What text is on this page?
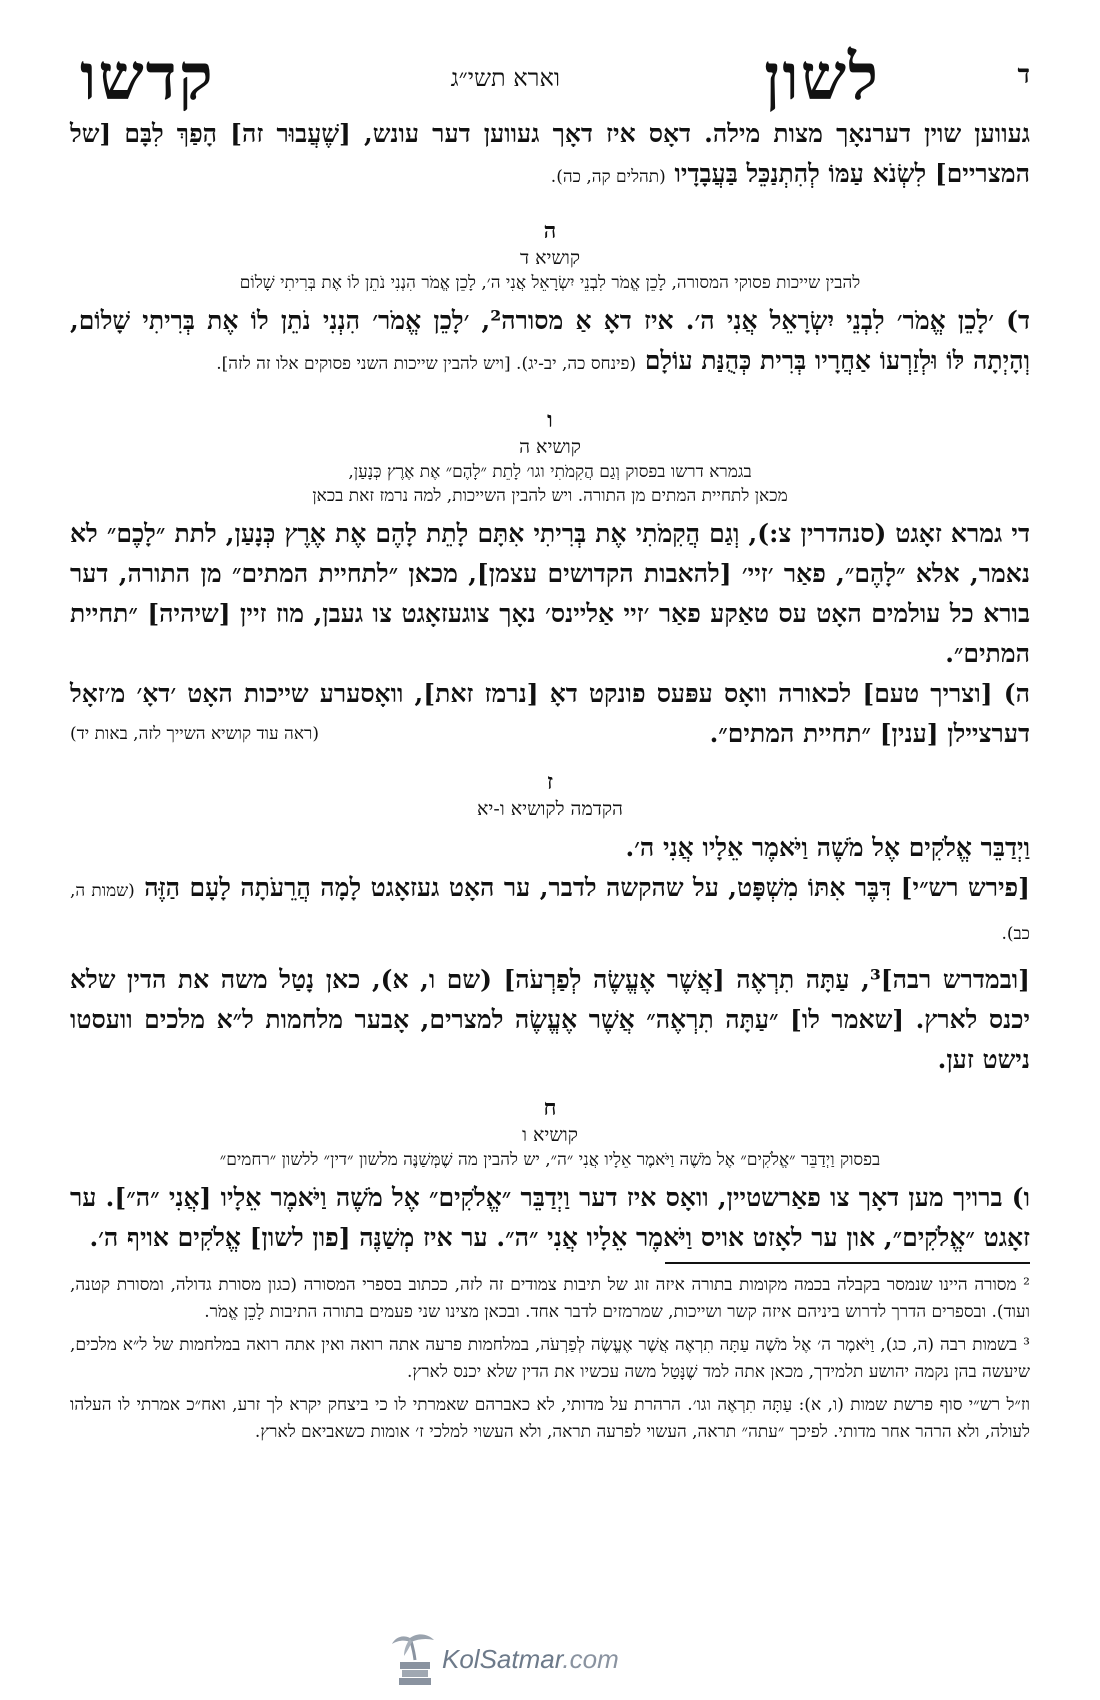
ד
לשון
וארא תשי״ג
קדשו

געווען שוין דערנאָך מצות מילה. דאָס איז דאָך געווען דער עונש, [שֶׁעֲבוּר זה] הָפַךְ לִבָּם [של המצריים] לִשְׂנֹא עַמּוֹ לְהִתְנַכֵּל בַּעֲבָדָיו (תהלים קה, כה).

ה
קושיא ד
להבין שייכות פסוקי המסורה, לָכֵן אֱמֹר לִבְנֵי יִשְׂרָאֵל אֲנִי ה׳, לָכֵן אֱמֹר הִנְנִי נֹתֵן לוֹ אֶת בְּרִיתִי שָׁלוֹם

ד) ׳לָכֵן אֱמֹר׳ לִבְנֵי יִשְׂרָאֵל אֲנִי ה׳. איז דאָ אַ מסורה², ׳לָכֵן אֱמֹר׳ הִנְנִי נֹתֵן לוֹ אֶת בְּרִיתִי שָׁלוֹם, וְהָיְתָה לּוֹ וּלְזַרְעוֹ אַחֲרָיו בְּרִית כְּהֻנַּת עוֹלָם (פינחס כה, יב-יג). [ויש להבין שייכות השני פסוקים אלו זה לזה].

ו
קושיא ה
בגמרא דרשו בפסוק וְגַם הֲקִמֹתִי וגו׳ לָתֵת ״לָהֶם״ אֶת אֶרֶץ כְּנָעַן,
מכאן לתחיית המתים מן התורה. ויש להבין השייכות, למה נרמז זאת בכאן

די גמרא זאָגט (סנהדרין צ:), וְגַם הֲקִמֹתִי אֶת בְּרִיתִי אִתָּם לָתֵת לָהֶם אֶת אֶרֶץ כְּנָעַן, לתת ״לָכֶם״ לא נאמר, אלא ״לָהֶם״, פאַר ׳זיי׳ [להאבות הקדושים עצמן], מכאן ״לתחיית המתים״ מן התורה, דער בורא כל עולמים האָט עס טאַקע פאַר ׳זיי אַליינס׳ נאָך צוגעזאָגט צו געבן, מוז זיין [שיהיה] ״תחיית המתים״.

ה) [וצריך טעם] לכאורה וואָס עפּעס פונקט דאָ [נרמז זאת], וואָסערע שייכות האָט ׳דאָ׳ מ׳זאָל דערציילן [ענין] ״תחיית המתים״.
(ראה עוד קושיא השייך לזה, באות יד)

ז
הקדמה לקושיא ו-יא

וַיְדַבֵּר אֱלֹקִים אֶל מֹשֶׁה וַיֹּאמֶר אֵלָיו אֲנִי ה׳.

[פירש רש״י] דִּבֶּר אִתּוֹ מִשְׁפָּט, על שהקשה לדבר, ער האָט געזאָגט לָמָה הֲרֵעֹתָה לָעָם הַזֶּה (שמות ה, כב).

[ובמדרש רבה]³, עַתָּה תִרְאֶה [אֲשֶׁר אֶעֱשֶׂה לְפַרְעֹה] (שם ו, א), כאן נָטַל משה את הדין שלא יכנס לארץ. [שאמר לו] ״עַתָּה תִרְאֶה״ אֲשֶׁר אֶעֱשֶׂה למצרים, אָבער מלחמות ל״א מלכים וועסטו נישט זען.

ח
קושיא ו
בפסוק וַיְדַבֵּר ״אֱלֹקִים״ אֶל מֹשֶׁה וַיֹּאמֶר אֵלָיו אֲנִי ״ה״, יש להבין מה שֶׁמְּשַׁנֶּה מלשון ״דין״ ללשון ״רחמים״

ו) ברויך מען דאָך צו פאַרשטיין, וואָס איז דער וַיְדַבֵּר ״אֱלֹקִים״ אֶל מֹשֶׁה וַיֹּאמֶר אֵלָיו [אֲנִי ״ה״]. ער זאָגט ״אֱלֹקִים״, און ער לאָזט אויס וַיֹּאמֶר אֵלָיו אֲנִי ״ה״. ער איז מְשַׁנֶּה [פון לשון] אֱלֹקִים אויף ה׳.

² מסורה היינו שנמסר בקבלה בכמה מקומות בתורה איזה זוג של תיבות צמודים זה לזה, ככתוב בספרי המסורה (כגון מסורת גדולה, ומסורת קטנה, ועוד). ובספרים הדרך לדרוש ביניהם איזה קשר ושייכות, שמרמזים לדבר אחד. ובכאן מצינו שני פעמים בתורה התיבות לָכֵן אֱמֹר.

³ בשמות רבה (ה, כג), וַיֹּאמֶר ה׳ אֶל מֹשֶׁה עַתָּה תִרְאֶה אֲשֶׁר אֶעֱשֶׂה לְפַרְעֹה, במלחמות פרעה אתה רואה ואין אתה רואה במלחמות של ל״א מלכים, שיעשה בהן נקמה יהושע תלמידך, מכאן אתה למד שֶׁנָּטַל משה עכשיו את הדין שלא יכנס לארץ.

וז״ל רש״י סוף פרשת שמות (ו, א): עַתָּה תִרְאֶה וגו׳. הרהרת על מדותי, לא כאברהם שאמרתי לו כי ביצחק יקרא לך זרע, ואח״כ אמרתי לו העלהו לעולה, ולא הרהר אחר מדותי. לפיכך ״עתה״ תראה, העשוי לפרעה תראה, ולא העשוי למלכי ז׳ אומות כשאביאם לארץ.

KolSatmar.com
